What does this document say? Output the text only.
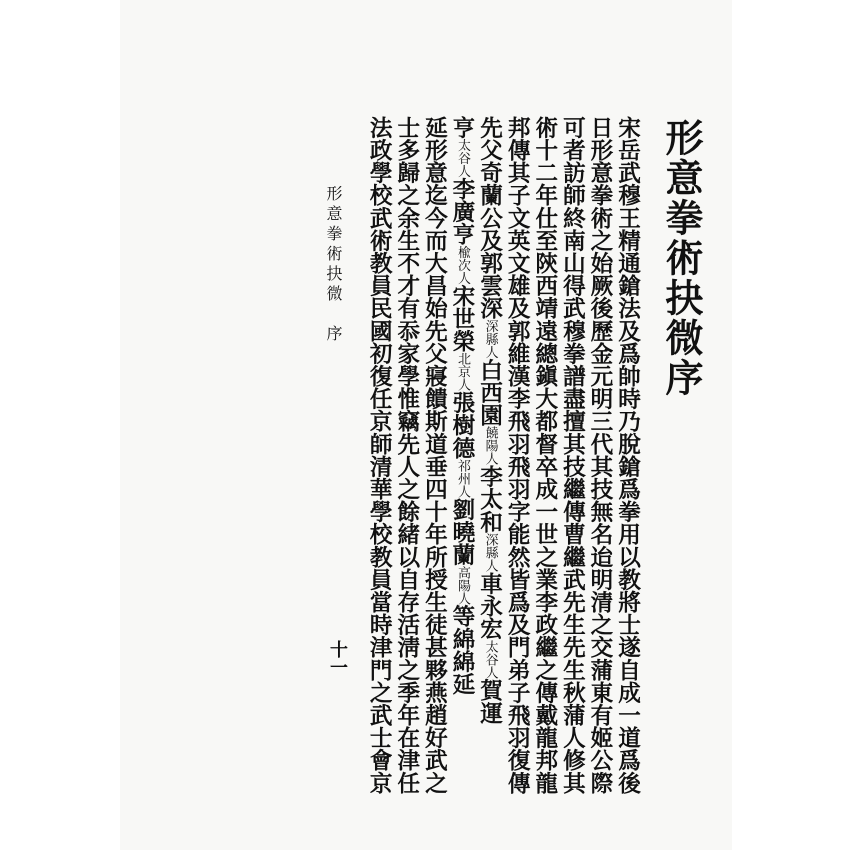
形意拳術抉微序
宋岳武穆王精通鎗法及爲帥時乃脫鎗爲拳用以教將士遂自成一道爲後
日形意拳術之始厥後歷金元明三代其技無名迨明清之交蒲東有姬公際
可者訪師終南山得武穆拳譜盡擅其技繼傳曹繼武先生先生秋蒲人修其
術十二年仕至陝西靖遠總鎭大都督卒成一世之業李政繼之傳戴龍邦龍
邦傳其子文英文雄及郭維漢李飛羽飛羽字能然皆爲及門弟子飛羽復傳
先父奇蘭公及郭雲深深縣人白西園饒陽人李太和深縣人車永宏太谷人賀運
亨太谷人李廣亨楡次人宋世榮北京人張樹德祁州人劉曉蘭高陽人等綿綿延
延形意迄今而大昌始先父寢饋斯道垂四十年所授生徒甚夥燕趙好武之
士多歸之余生不才有忝家學惟竊先人之餘緒以自存活淸之季年在津任
法政學校武術教員民國初復任京師清華學校教員當時津門之武士會京
形意拳術抉微　序
十一
